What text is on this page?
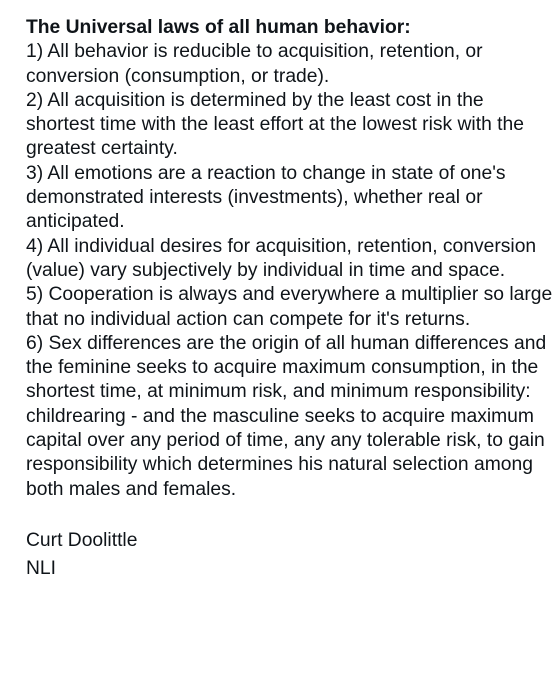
The Universal laws of all human behavior:

1) All behavior is reducible to acquisition, retention, or conversion (consumption, or trade).

2) All acquisition is determined by the least cost in the shortest time with the least effort at the lowest risk with the greatest certainty.

3) All emotions are a reaction to change in state of one's demonstrated interests (investments), whether real or anticipated.

4) All individual desires for acquisition, retention, conversion (value) vary subjectively by individual in time and space.

5) Cooperation is always and everywhere a multiplier so large that no individual action can compete for it's returns.

6) Sex differences are the origin of all human differences and the feminine seeks to acquire maximum consumption, in the shortest time, at minimum risk, and minimum responsibility: childrearing - and the masculine seeks to acquire maximum capital over any period of time, any any tolerable risk, to gain responsibility which determines his natural selection among both males and females.

Curt Doolittle

NLI
